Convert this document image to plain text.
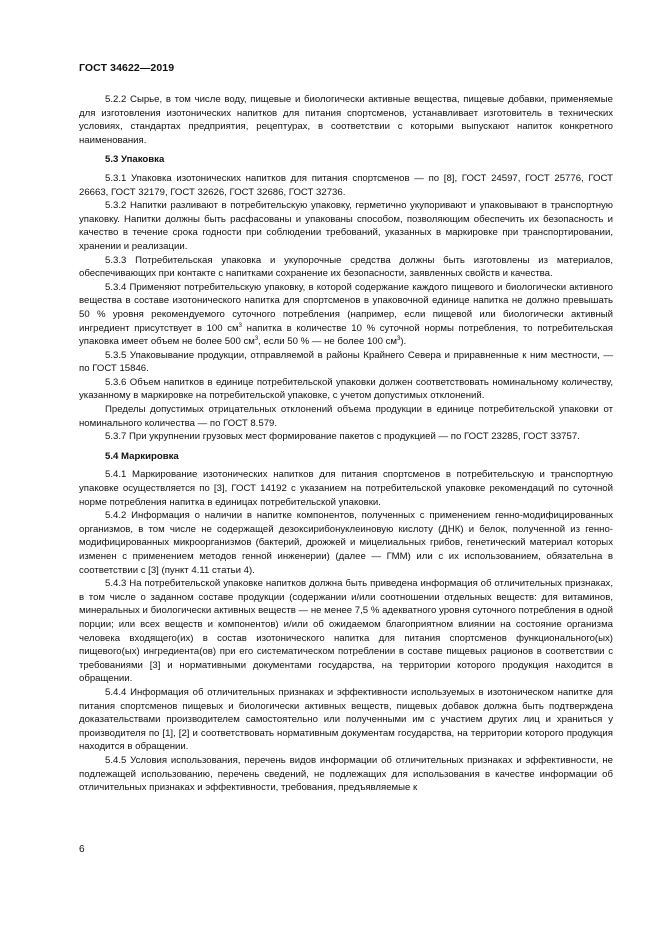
ГОСТ 34622—2019

5.2.2 Сырье, в том числе воду, пищевые и биологически активные вещества, пищевые добавки, применяемые для изготовления изотонических напитков для питания спортсменов, устанавливает изготовитель в технических условиях, стандартах предприятия, рецептурах, в соответствии с которыми выпускают напиток конкретного наименования.

5.3 Упаковка

5.3.1 Упаковка изотонических напитков для питания спортсменов — по [8], ГОСТ 24597, ГОСТ 25776, ГОСТ 26663, ГОСТ 32179, ГОСТ 32626, ГОСТ 32686, ГОСТ 32736.

5.3.2 Напитки разливают в потребительскую упаковку, герметично укупоривают и упаковывают в транспортную упаковку. Напитки должны быть расфасованы и упакованы способом, позволяющим обеспечить их безопасность и качество в течение срока годности при соблюдении требований, указанных в маркировке при транспортировании, хранении и реализации.

5.3.3 Потребительская упаковка и укупорочные средства должны быть изготовлены из материалов, обеспечивающих при контакте с напитками сохранение их безопасности, заявленных свойств и качества.

5.3.4 Применяют потребительскую упаковку, в которой содержание каждого пищевого и биологически активного вещества в составе изотонического напитка для спортсменов в упаковочной единице напитка не должно превышать 50 % уровня рекомендуемого суточного потребления (например, если пищевой или биологически активный ингредиент присутствует в 100 $см^3$ напитка в количестве 10 % суточной нормы потребления, то потребительская упаковка имеет объем не более 500 $см^3$, если 50 % — не более 100 $см^3$).

5.3.5 Упаковывание продукции, отправляемой в районы Крайнего Севера и приравненные к ним местности, — по ГОСТ 15846.

5.3.6 Объем напитков в единице потребительской упаковки должен соответствовать номинальному количеству, указанному в маркировке на потребительской упаковке, с учетом допустимых отклонений.

Пределы допустимых отрицательных отклонений объема продукции в единице потребительской упаковки от номинального количества — по ГОСТ 8.579.

5.3.7 При укрупнении грузовых мест формирование пакетов с продукцией — по ГОСТ 23285, ГОСТ 33757.

5.4 Маркировка

5.4.1 Маркирование изотонических напитков для питания спортсменов в потребительскую и транспортную упаковке осуществляется по [3], ГОСТ 14192 с указанием на потребительской упаковке рекомендаций по суточной норме потребления напитка в единицах потребительской упаковки.

5.4.2 Информация о наличии в напитке компонентов, полученных с применением генно-модифицированных организмов, в том числе не содержащей дезоксирибонуклеиновую кислоту (ДНК) и белок, полученной из генно-модифицированных микроорганизмов (бактерий, дрожжей и мицелиальных грибов, генетический материал которых изменен с применением методов генной инженерии) (далее — ГММ) или с их использованием, обязательна в соответствии с [3] (пункт 4.11 статьи 4).

5.4.3 На потребительской упаковке напитков должна быть приведена информация об отличительных признаках, в том числе о заданном составе продукции (содержании и/или соотношении отдельных веществ: для витаминов, минеральных и биологически активных веществ — не менее 7,5 % адекватного уровня суточного потребления в одной порции; или всех веществ и компонентов) и/или об ожидаемом благоприятном влиянии на состояние организма человека входящего(их) в состав изотонического напитка для питания спортсменов функционального(ых) пищевого(ых) ингредиента(ов) при его систематическом потреблении в составе пищевых рационов в соответствии с требованиями [3] и нормативными документами государства, на территории которого продукция находится в обращении.

5.4.4 Информация об отличительных признаках и эффективности используемых в изотоническом напитке для питания спортсменов пищевых и биологически активных веществ, пищевых добавок должна быть подтверждена доказательствами производителем самостоятельно или полученными им с участием других лиц и храниться у производителя по [1], [2] и соответствовать нормативным документам государства, на территории которого продукция находится в обращении.

5.4.5 Условия использования, перечень видов информации об отличительных признаках и эффективности, не подлежащей использованию, перечень сведений, не подлежащих для использования в качестве информации об отличительных признаках и эффективности, требования, предъявляемые к

6
